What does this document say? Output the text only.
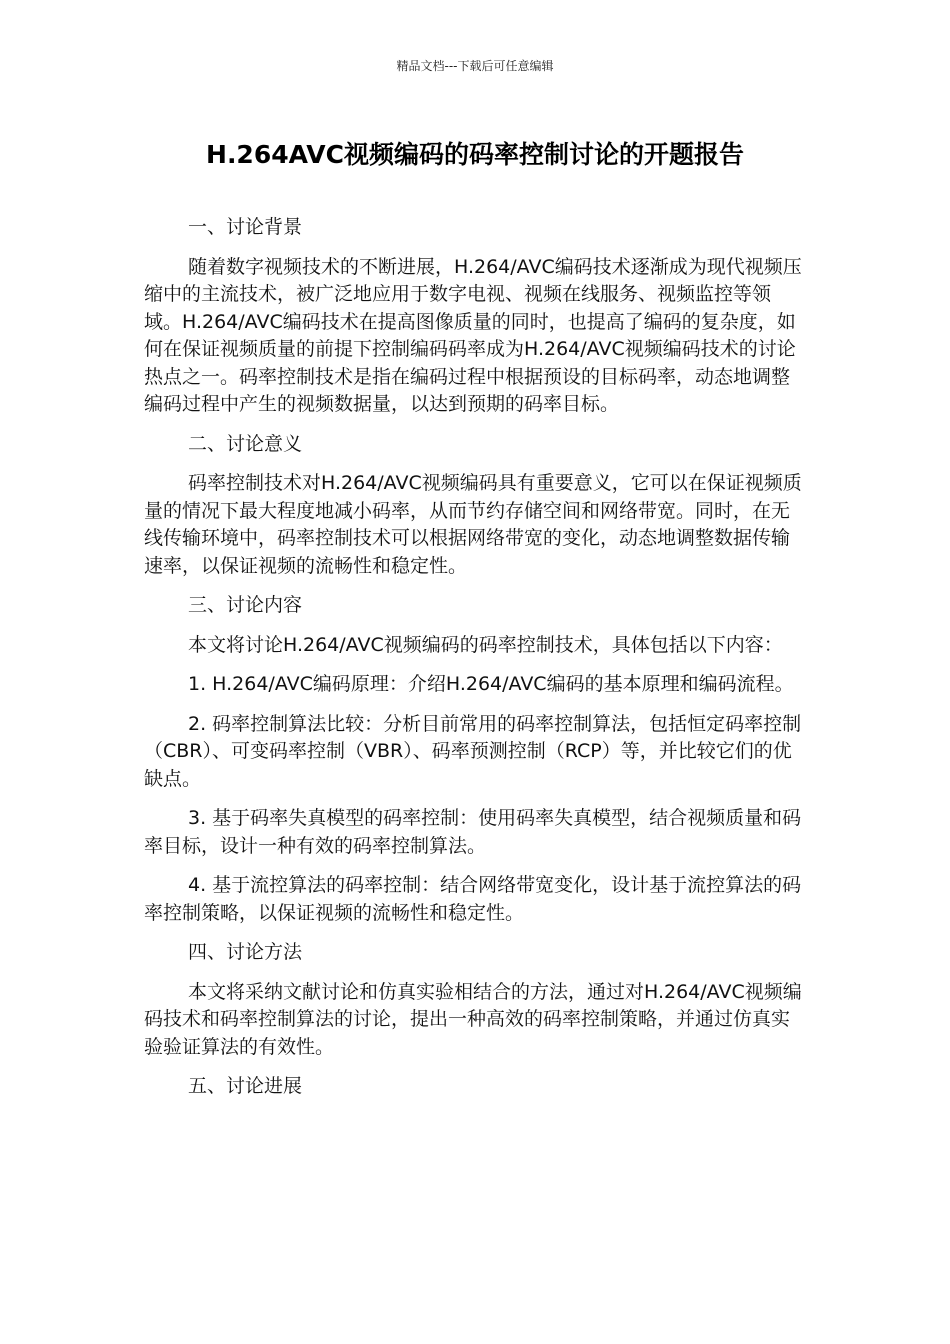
精品文档---下载后可任意编辑
H.264AVC视频编码的码率控制讨论的开题报告

一、讨论背景

随着数字视频技术的不断进展，H.264/AVC编码技术逐渐成为现代视频压缩中的主流技术，被广泛地应用于数字电视、视频在线服务、视频监控等领域。H.264/AVC编码技术在提高图像质量的同时，也提高了编码的复杂度，如何在保证视频质量的前提下控制编码码率成为H.264/AVC视频编码技术的讨论热点之一。码率控制技术是指在编码过程中根据预设的目标码率，动态地调整编码过程中产生的视频数据量，以达到预期的码率目标。

二、讨论意义

码率控制技术对H.264/AVC视频编码具有重要意义，它可以在保证视频质量的情况下最大程度地减小码率，从而节约存储空间和网络带宽。同时，在无线传输环境中，码率控制技术可以根据网络带宽的变化，动态地调整数据传输速率，以保证视频的流畅性和稳定性。

三、讨论内容

本文将讨论H.264/AVC视频编码的码率控制技术，具体包括以下内容：

1. H.264/AVC编码原理：介绍H.264/AVC编码的基本原理和编码流程。

2. 码率控制算法比较：分析目前常用的码率控制算法，包括恒定码率控制（CBR）、可变码率控制（VBR）、码率预测控制（RCP）等，并比较它们的优缺点。

3. 基于码率失真模型的码率控制：使用码率失真模型，结合视频质量和码率目标，设计一种有效的码率控制算法。

4. 基于流控算法的码率控制：结合网络带宽变化，设计基于流控算法的码率控制策略，以保证视频的流畅性和稳定性。

四、讨论方法

本文将采纳文献讨论和仿真实验相结合的方法，通过对H.264/AVC视频编码技术和码率控制算法的讨论，提出一种高效的码率控制策略，并通过仿真实验验证算法的有效性。

五、讨论进展
